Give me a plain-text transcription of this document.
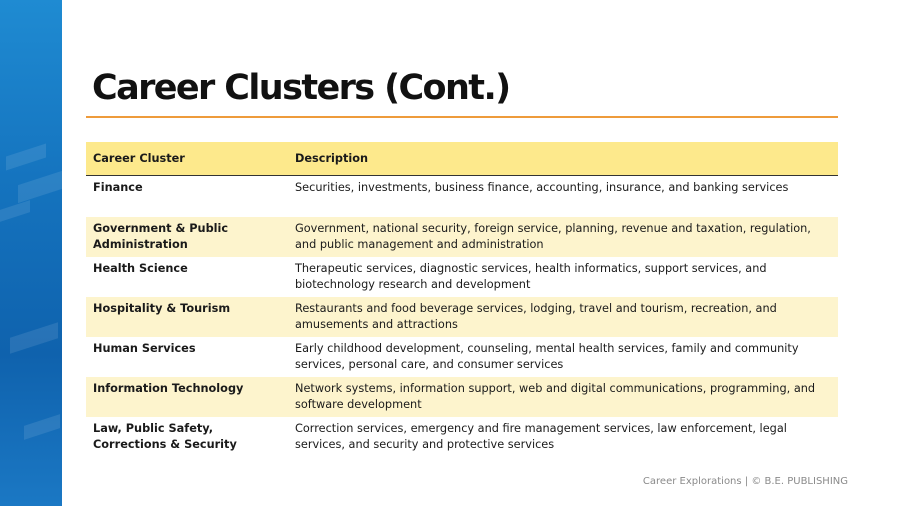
Career Clusters (Cont.)
Career Cluster	Description
Finance	Securities, investments, business finance, accounting, insurance, and banking services
Government & Public Administration	Government, national security, foreign service, planning, revenue and taxation, regulation, and public management and administration
Health Science	Therapeutic services, diagnostic services, health informatics, support services, and biotechnology research and development
Hospitality & Tourism	Restaurants and food beverage services, lodging, travel and tourism, recreation, and amusements and attractions
Human Services	Early childhood development, counseling, mental health services, family and community services, personal care, and consumer services
Information Technology	Network systems, information support, web and digital communications, programming, and software development
Law, Public Safety, Corrections & Security	Correction services, emergency and fire management services, law enforcement, legal services, and security and protective services
Career Explorations | © B.E. PUBLISHING
